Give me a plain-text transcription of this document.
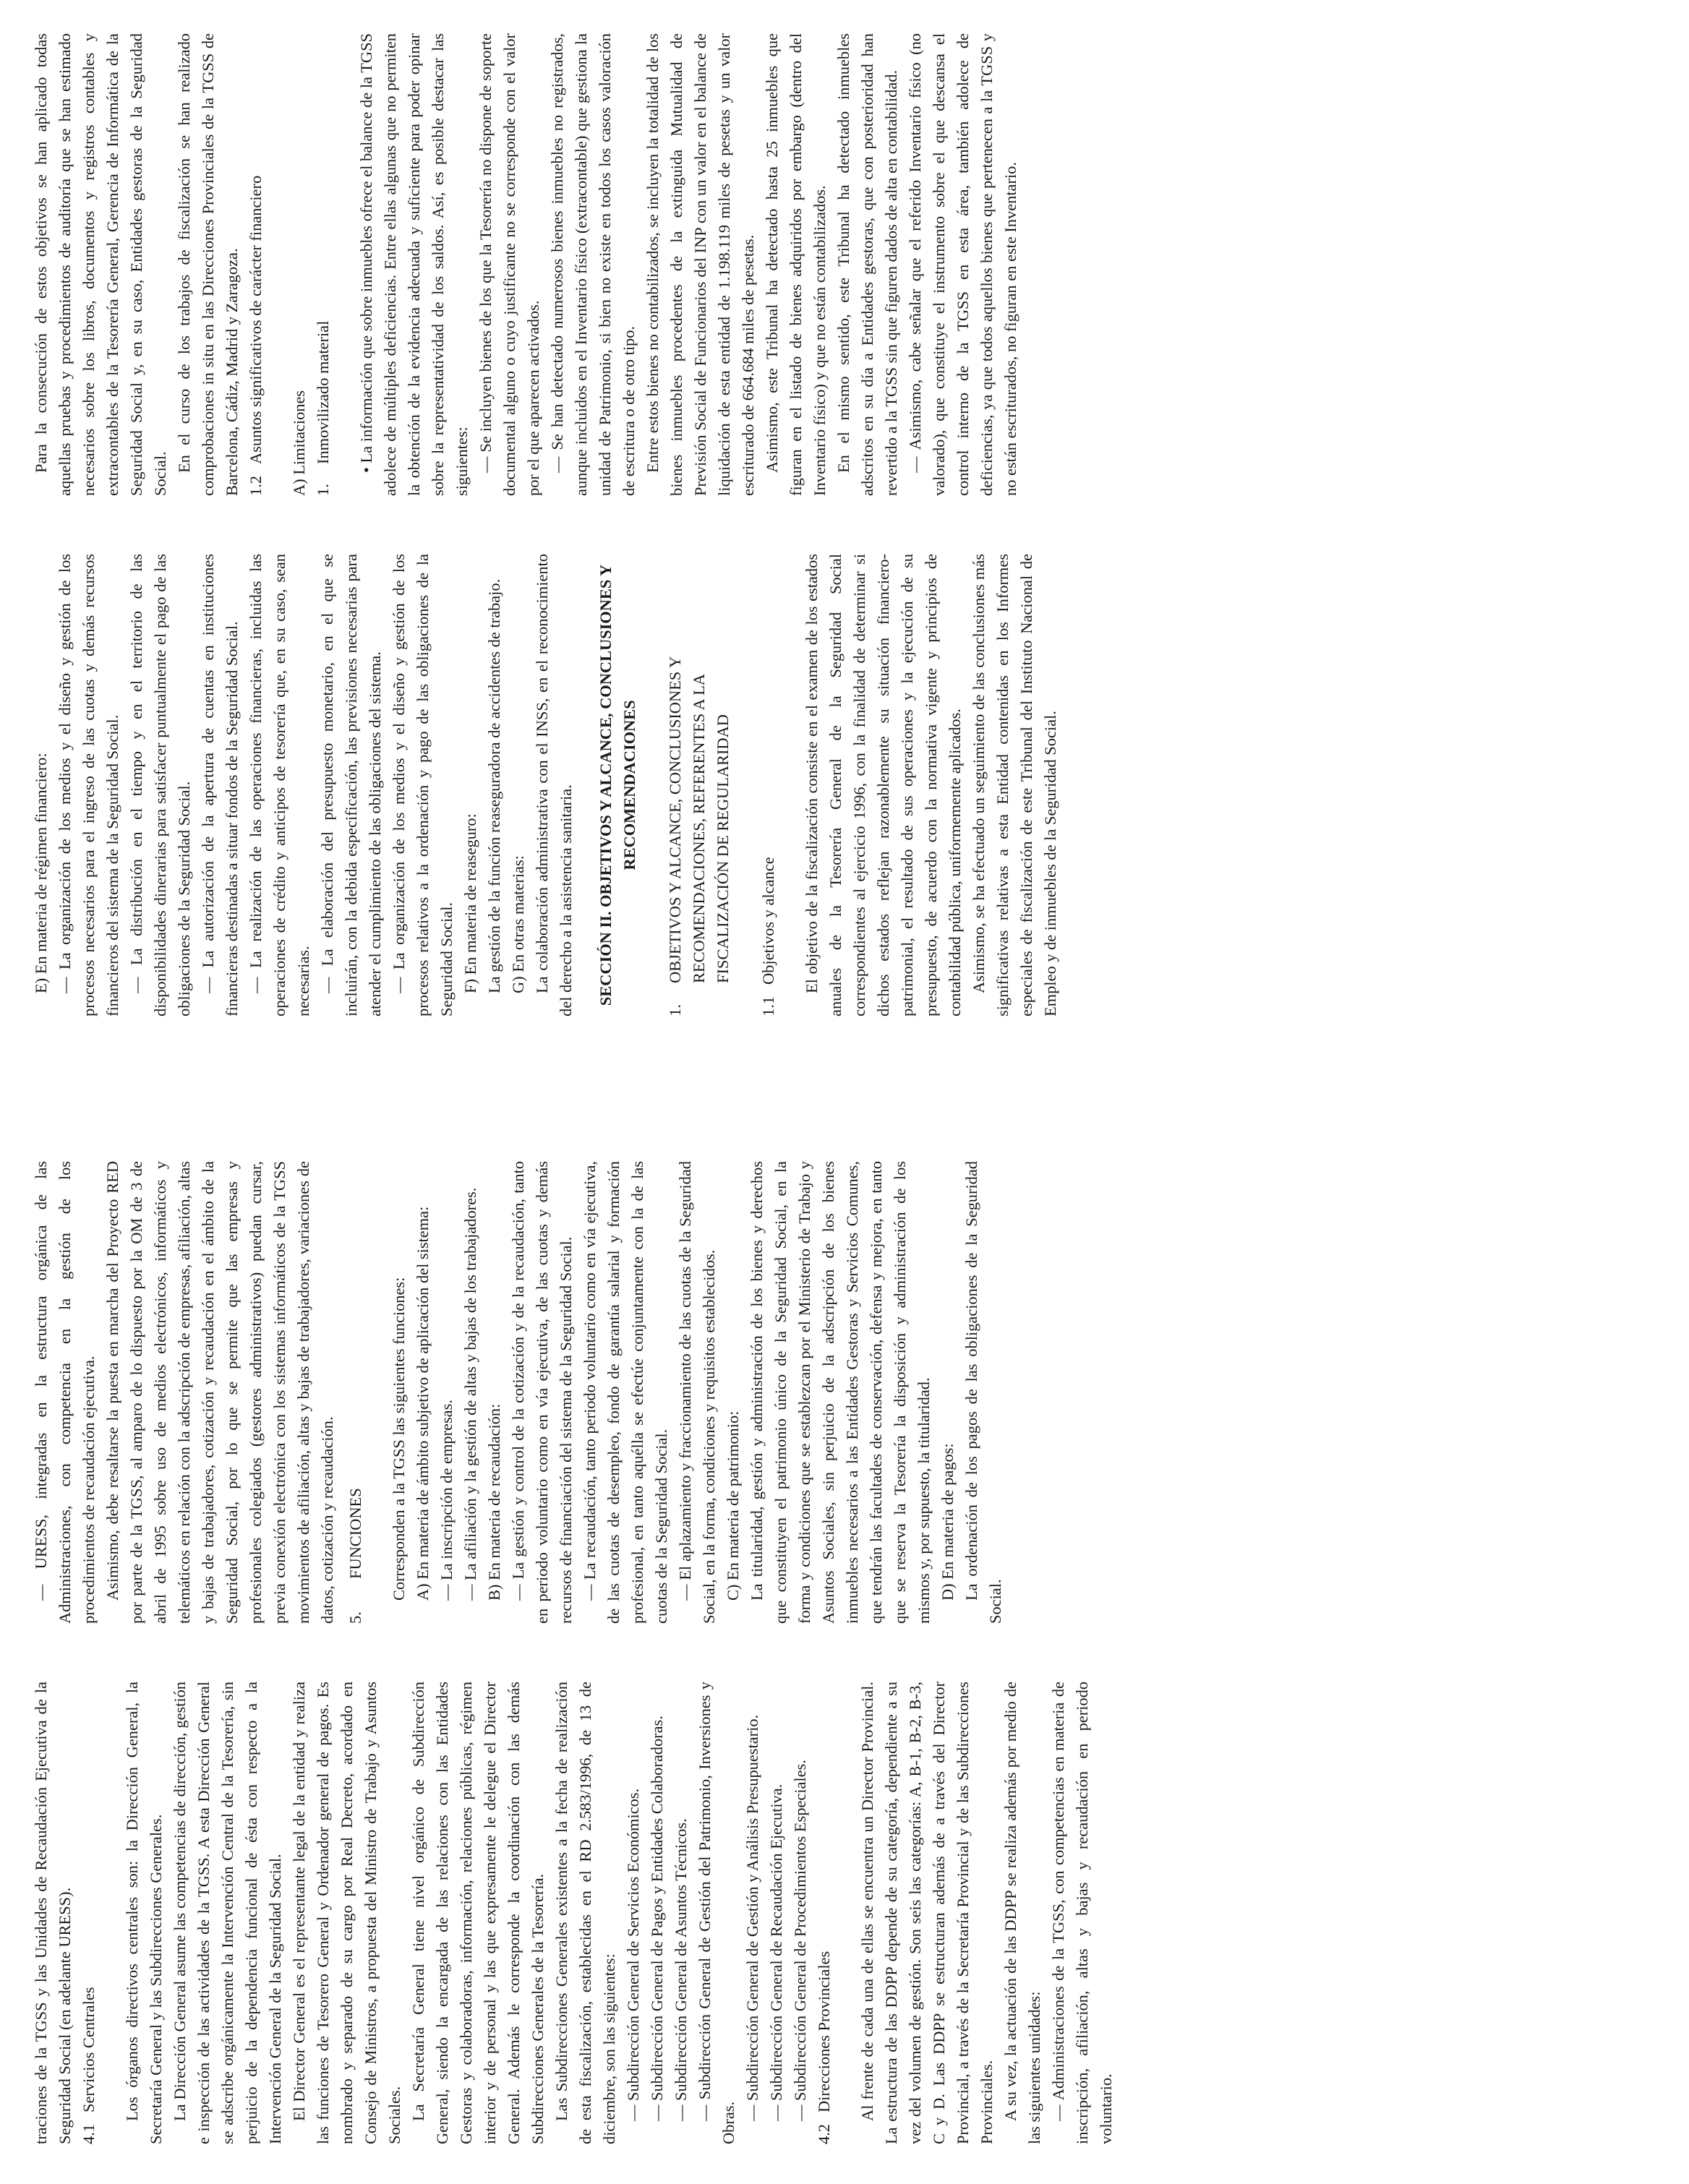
traciones de la TGSS y las Unidades de Recaudación Ejecutiva de la Seguridad Social (en adelante URESS). 4.1Servicios Centrales Los órganos directivos centrales son: la Dirección General, la Secretaría General y las Subdirecciones Generales. La Dirección General asume las competencias de dirección, gestión e inspección de las actividades de la TGSS. A esta Dirección General se adscribe orgánicamente la Intervención Central de la Tesorería, sin perjuicio de la dependencia funcional de ésta con respecto a la Intervención General de la Seguridad Social. El Director General es el representante legal de la entidad y realiza las funciones de Tesorero General y Ordenador general de pagos. Es nombrado y separado de su cargo por Real Decreto, acordado en Consejo de Ministros, a propuesta del Ministro de Trabajo y Asuntos Sociales. La Secretaría General tiene nivel orgánico de Subdirección General, siendo la encargada de las relaciones con las Entidades Gestoras y colaboradoras, información, relaciones públicas, régimen interior y de personal y las que expresamente le delegue el Director General. Además le corresponde la coordinación con las demás Subdirecciones Generales de la Tesorería. Las Subdirecciones Generales existentes a la fecha de realización de esta fiscalización, establecidas en el RD 2.583/1996, de 13 de diciembre, son las siguientes: — Subdirección General de Servicios Económicos. — Subdirección General de Pagos y Entidades Colaboradoras. — Subdirección General de Asuntos Técnicos. — Subdirección General de Gestión del Patrimonio, Inversiones y Obras.

— Subdirección General de Gestión y Análisis Presupuestario. — Subdirección General de Recaudación Ejecutiva. — Subdirección General de Procedimientos Especiales.

4.2Direcciones Provinciales Al frente de cada una de ellas se encuentra un Director Provincial. La estructura de las DDPP depende de su categoría, dependiente a su vez del volumen de gestión. Son seis las categorías: A, B-1, B-2, B-3, C y D. Las DDPP se estructuran además de a través del Director Provincial, a través de la Secretaría Provincial y de las Subdirecciones Provinciales. A su vez, la actuación de las DDPP se realiza además por medio de las siguientes unidades: — Administraciones de la TGSS, con competencias en materia de inscripción, afiliación, altas y bajas y recaudación en periodo voluntario.

— URESS, integradas en la estructura orgánica de las Administraciones, con competencia en la gestión de los procedimientos de recaudación ejecutiva. Asimismo, debe resaltarse la puesta en marcha del Proyecto RED por parte de la TGSS, al amparo de lo dispuesto por la OM de 3 de abril de 1995 sobre uso de medios electrónicos, informáticos y telemáticos en relación con la adscripción de empresas, afiliación, altas y bajas de trabajadores, cotización y recaudación en el ámbito de la Seguridad Social, por lo que se permite que las empresas y profesionales colegiados (gestores administrativos) puedan cursar, previa conexión electrónica con los sistemas informáticos de la TGSS movimientos de afiliación, altas y bajas de trabajadores, variaciones de datos, cotización y recaudación. 5.FUNCIONES Corresponden a la TGSS las siguientes funciones: A) En materia de ámbito subjetivo de aplicación del sistema: — La inscripción de empresas. — La afiliación y la gestión de altas y bajas de los trabajadores. B) En materia de recaudación: — La gestión y control de la cotización y de la recaudación, tanto en periodo voluntario como en vía ejecutiva, de las cuotas y demás recursos de financiación del sistema de la Seguridad Social. — La recaudación, tanto periodo voluntario como en vía ejecutiva, de las cuotas de desempleo, fondo de garantía salarial y formación profesional, en tanto aquélla se efectúe conjuntamente con la de las cuotas de la Seguridad Social. — El aplazamiento y fraccionamiento de las cuotas de la Seguridad Social, en la forma, condiciones y requisitos establecidos. C) En materia de patrimonio: La titularidad, gestión y administración de los bienes y derechos que constituyen el patrimonio único de la Seguridad Social, en la forma y condiciones que se establezcan por el Ministerio de Trabajo y Asuntos Sociales, sin perjuicio de la adscripción de los bienes inmuebles necesarios a las Entidades Gestoras y Servicios Comunes, que tendrán las facultades de conservación, defensa y mejora, en tanto que se reserva la Tesorería la disposición y administración de los mismos y, por supuesto, la titularidad. D) En materia de pagos: La ordenación de los pagos de las obligaciones de la Seguridad Social.

E) En materia de régimen financiero: — La organización de los medios y el diseño y gestión de los procesos necesarios para el ingreso de las cuotas y demás recursos financieros del sistema de la Seguridad Social. — La distribución en el tiempo y en el territorio de las disponibilidades dinerarias para satisfacer puntualmente el pago de las obligaciones de la Seguridad Social. — La autorización de la apertura de cuentas en instituciones financieras destinadas a situar fondos de la Seguridad Social. — La realización de las operaciones financieras, incluidas las operaciones de crédito y anticipos de tesorería que, en su caso, sean necesarias. — La elaboración del presupuesto monetario, en el que se incluirán, con la debida especificación, las previsiones necesarias para atender el cumplimiento de las obligaciones del sistema. — La organización de los medios y el diseño y gestión de los procesos relativos a la ordenación y pago de las obligaciones de la Seguridad Social. F) En materia de reaseguro: La gestión de la función reaseguradora de accidentes de trabajo. G) En otras materias: La colaboración administrativa con el INSS, en el reconocimiento del derecho a la asistencia sanitaria. SECCIÓN II. OBJETIVOS Y ALCANCE, CONCLUSIONES Y RECOMENDACIONES
1.OBJETIVOS Y ALCANCE, CONCLUSIONES Y RECOMENDACIONES, REFERENTES A LA FISCALIZACIÓN DE REGULARIDAD
1.1Objetivos y alcance El objetivo de la fiscalización consiste en el examen de los estados anuales de la Tesorería General de la Seguridad Social correspondientes al ejercicio 1996, con la finalidad de determinar si dichos estados reflejan razonablemente su situación financiero-patrimonial, el resultado de sus operaciones y la ejecución de su presupuesto, de acuerdo con la normativa vigente y principios de contabilidad pública, uniformemente aplicados. Asimismo, se ha efectuado un seguimiento de las conclusiones más significativas relativas a esta Entidad contenidas en los Informes especiales de fiscalización de este Tribunal del Instituto Nacional de Empleo y de inmuebles de la Seguridad Social.

Para la consecución de estos objetivos se han aplicado todas aquellas pruebas y procedimientos de auditoría que se han estimado necesarios sobre los libros, documentos y registros contables y extracontables de la Tesorería General, Gerencia de Informática de la Seguridad Social y, en su caso, Entidades gestoras de la Seguridad Social.

En el curso de los trabajos de fiscalización se han realizado comprobaciones in situ en las Direcciones Provinciales de la TGSS de Barcelona, Cádiz, Madrid y Zaragoza. 1.2Asuntos significativos de carácter financiero A) Limitaciones 1.Inmovilizado material • La información que sobre inmuebles ofrece el balance de la TGSS adolece de múltiples deficiencias. Entre ellas algunas que no permiten la obtención de la evidencia adecuada y suficiente para poder opinar sobre la representatividad de los saldos. Así, es posible destacar las siguientes: — Se incluyen bienes de los que la Tesorería no dispone de soporte documental alguno o cuyo justificante no se corresponde con el valor por el que aparecen activados. — Se han detectado numerosos bienes inmuebles no registrados, aunque incluidos en el Inventario físico (extracontable) que gestiona la unidad de Patrimonio, si bien no existe en todos los casos valoración de escritura o de otro tipo. Entre estos bienes no contabilizados, se incluyen la totalidad de los bienes inmuebles procedentes de la extinguida Mutualidad de Previsión Social de Funcionarios del INP con un valor en el balance de liquidación de esta entidad de 1.198.119 miles de pesetas y un valor escriturado de 664.684 miles de pesetas. Asimismo, este Tribunal ha detectado hasta 25 inmuebles que figuran en el listado de bienes adquiridos por embargo (dentro del Inventario físico) y que no están contabilizados. En el mismo sentido, este Tribunal ha detectado inmuebles adscritos en su día a Entidades gestoras, que con posterioridad han revertido a la TGSS sin que figuren dados de alta en contabilidad. — Asimismo, cabe señalar que el referido Inventario físico (no valorado), que constituye el instrumento sobre el que descansa el control interno de la TGSS en esta área, también adolece de deficiencias, ya que todos aquellos bienes que pertenecen a la TGSS y no están escriturados, no figuran en este Inventario.
